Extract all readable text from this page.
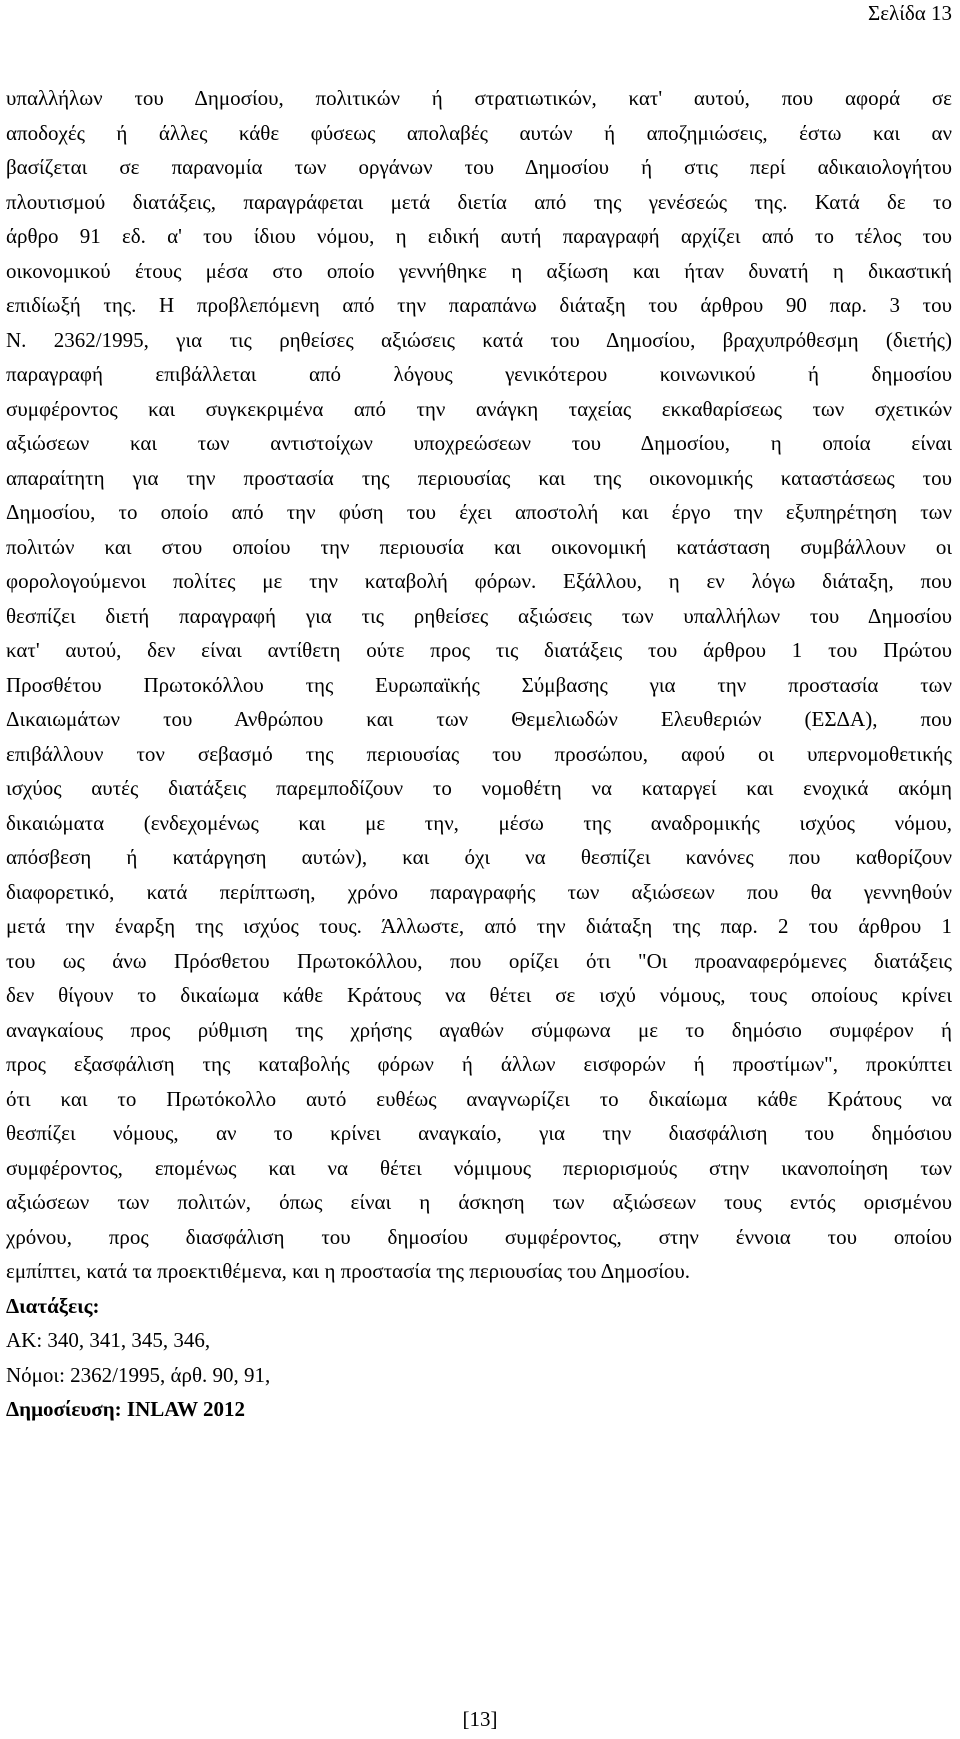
Σελίδα 13
υπαλλήλων του Δημοσίου, πολιτικών ή στρατιωτικών, κατ' αυτού, που αφορά σε
αποδοχές ή άλλες κάθε φύσεως απολαβές αυτών ή αποζημιώσεις, έστω και αν
βασίζεται σε παρανομία των οργάνων του Δημοσίου ή στις περί αδικαιολογήτου
πλουτισμού διατάξεις, παραγράφεται μετά διετία από της γενέσεώς της. Κατά δε το
άρθρο 91 εδ. α' του ίδιου νόμου, η ειδική αυτή παραγραφή αρχίζει από το τέλος του
οικονομικού έτους μέσα στο οποίο γεννήθηκε η αξίωση και ήταν δυνατή η δικαστική
επιδίωξή της. Η προβλεπόμενη από την παραπάνω διάταξη του άρθρου 90 παρ. 3 του
Ν. 2362/1995, για τις ρηθείσες αξιώσεις κατά του Δημοσίου, βραχυπρόθεσμη (διετής)
παραγραφή επιβάλλεται από λόγους γενικότερου κοινωνικού ή δημοσίου
συμφέροντος και συγκεκριμένα από την ανάγκη ταχείας εκκαθαρίσεως των σχετικών
αξιώσεων και των αντιστοίχων υποχρεώσεων του Δημοσίου, η οποία είναι
απαραίτητη για την προστασία της περιουσίας και της οικονομικής καταστάσεως του
Δημοσίου, το οποίο από την φύση του έχει αποστολή και έργο την εξυπηρέτηση των
πολιτών και στου οποίου την περιουσία και οικονομική κατάσταση συμβάλλουν οι
φορολογούμενοι πολίτες με την καταβολή φόρων. Εξάλλου, η εν λόγω διάταξη, που
θεσπίζει διετή παραγραφή για τις ρηθείσες αξιώσεις των υπαλλήλων του Δημοσίου
κατ' αυτού, δεν είναι αντίθετη ούτε προς τις διατάξεις του άρθρου 1 του Πρώτου
Προσθέτου Πρωτοκόλλου της Ευρωπαϊκής Σύμβασης για την προστασία των
Δικαιωμάτων του Ανθρώπου και των Θεμελιωδών Ελευθεριών (ΕΣΔΑ), που
επιβάλλουν τον σεβασμό της περιουσίας του προσώπου, αφού οι υπερνομοθετικής
ισχύος αυτές διατάξεις παρεμποδίζουν το νομοθέτη να καταργεί και ενοχικά ακόμη
δικαιώματα (ενδεχομένως και με την, μέσω της αναδρομικής ισχύος νόμου,
απόσβεση ή κατάργηση αυτών), και όχι να θεσπίζει κανόνες που καθορίζουν
διαφορετικό, κατά περίπτωση, χρόνο παραγραφής των αξιώσεων που θα γεννηθούν
μετά την έναρξη της ισχύος τους. Άλλωστε, από την διάταξη της παρ. 2 του άρθρου 1
του ως άνω Πρόσθετου Πρωτοκόλλου, που ορίζει ότι "Οι προαναφερόμενες διατάξεις
δεν θίγουν το δικαίωμα κάθε Κράτους να θέτει σε ισχύ νόμους, τους οποίους κρίνει
αναγκαίους προς ρύθμιση της χρήσης αγαθών σύμφωνα με το δημόσιο συμφέρον ή
προς εξασφάλιση της καταβολής φόρων ή άλλων εισφορών ή προστίμων", προκύπτει
ότι και το Πρωτόκολλο αυτό ευθέως αναγνωρίζει το δικαίωμα κάθε Κράτους να
θεσπίζει νόμους, αν το κρίνει αναγκαίο, για την διασφάλιση του δημόσιου
συμφέροντος, επομένως και να θέτει νόμιμους περιορισμούς στην ικανοποίηση των
αξιώσεων των πολιτών, όπως είναι η άσκηση των αξιώσεων τους εντός ορισμένου
χρόνου, προς διασφάλιση του δημοσίου συμφέροντος, στην έννοια του οποίου
εμπίπτει, κατά τα προεκτιθέμενα, και η προστασία της περιουσίας του Δημοσίου.
Διατάξεις:
ΑΚ: 340, 341, 345, 346,
Νόμοι: 2362/1995, άρθ. 90, 91,
Δημοσίευση: INLAW 2012
[13]
